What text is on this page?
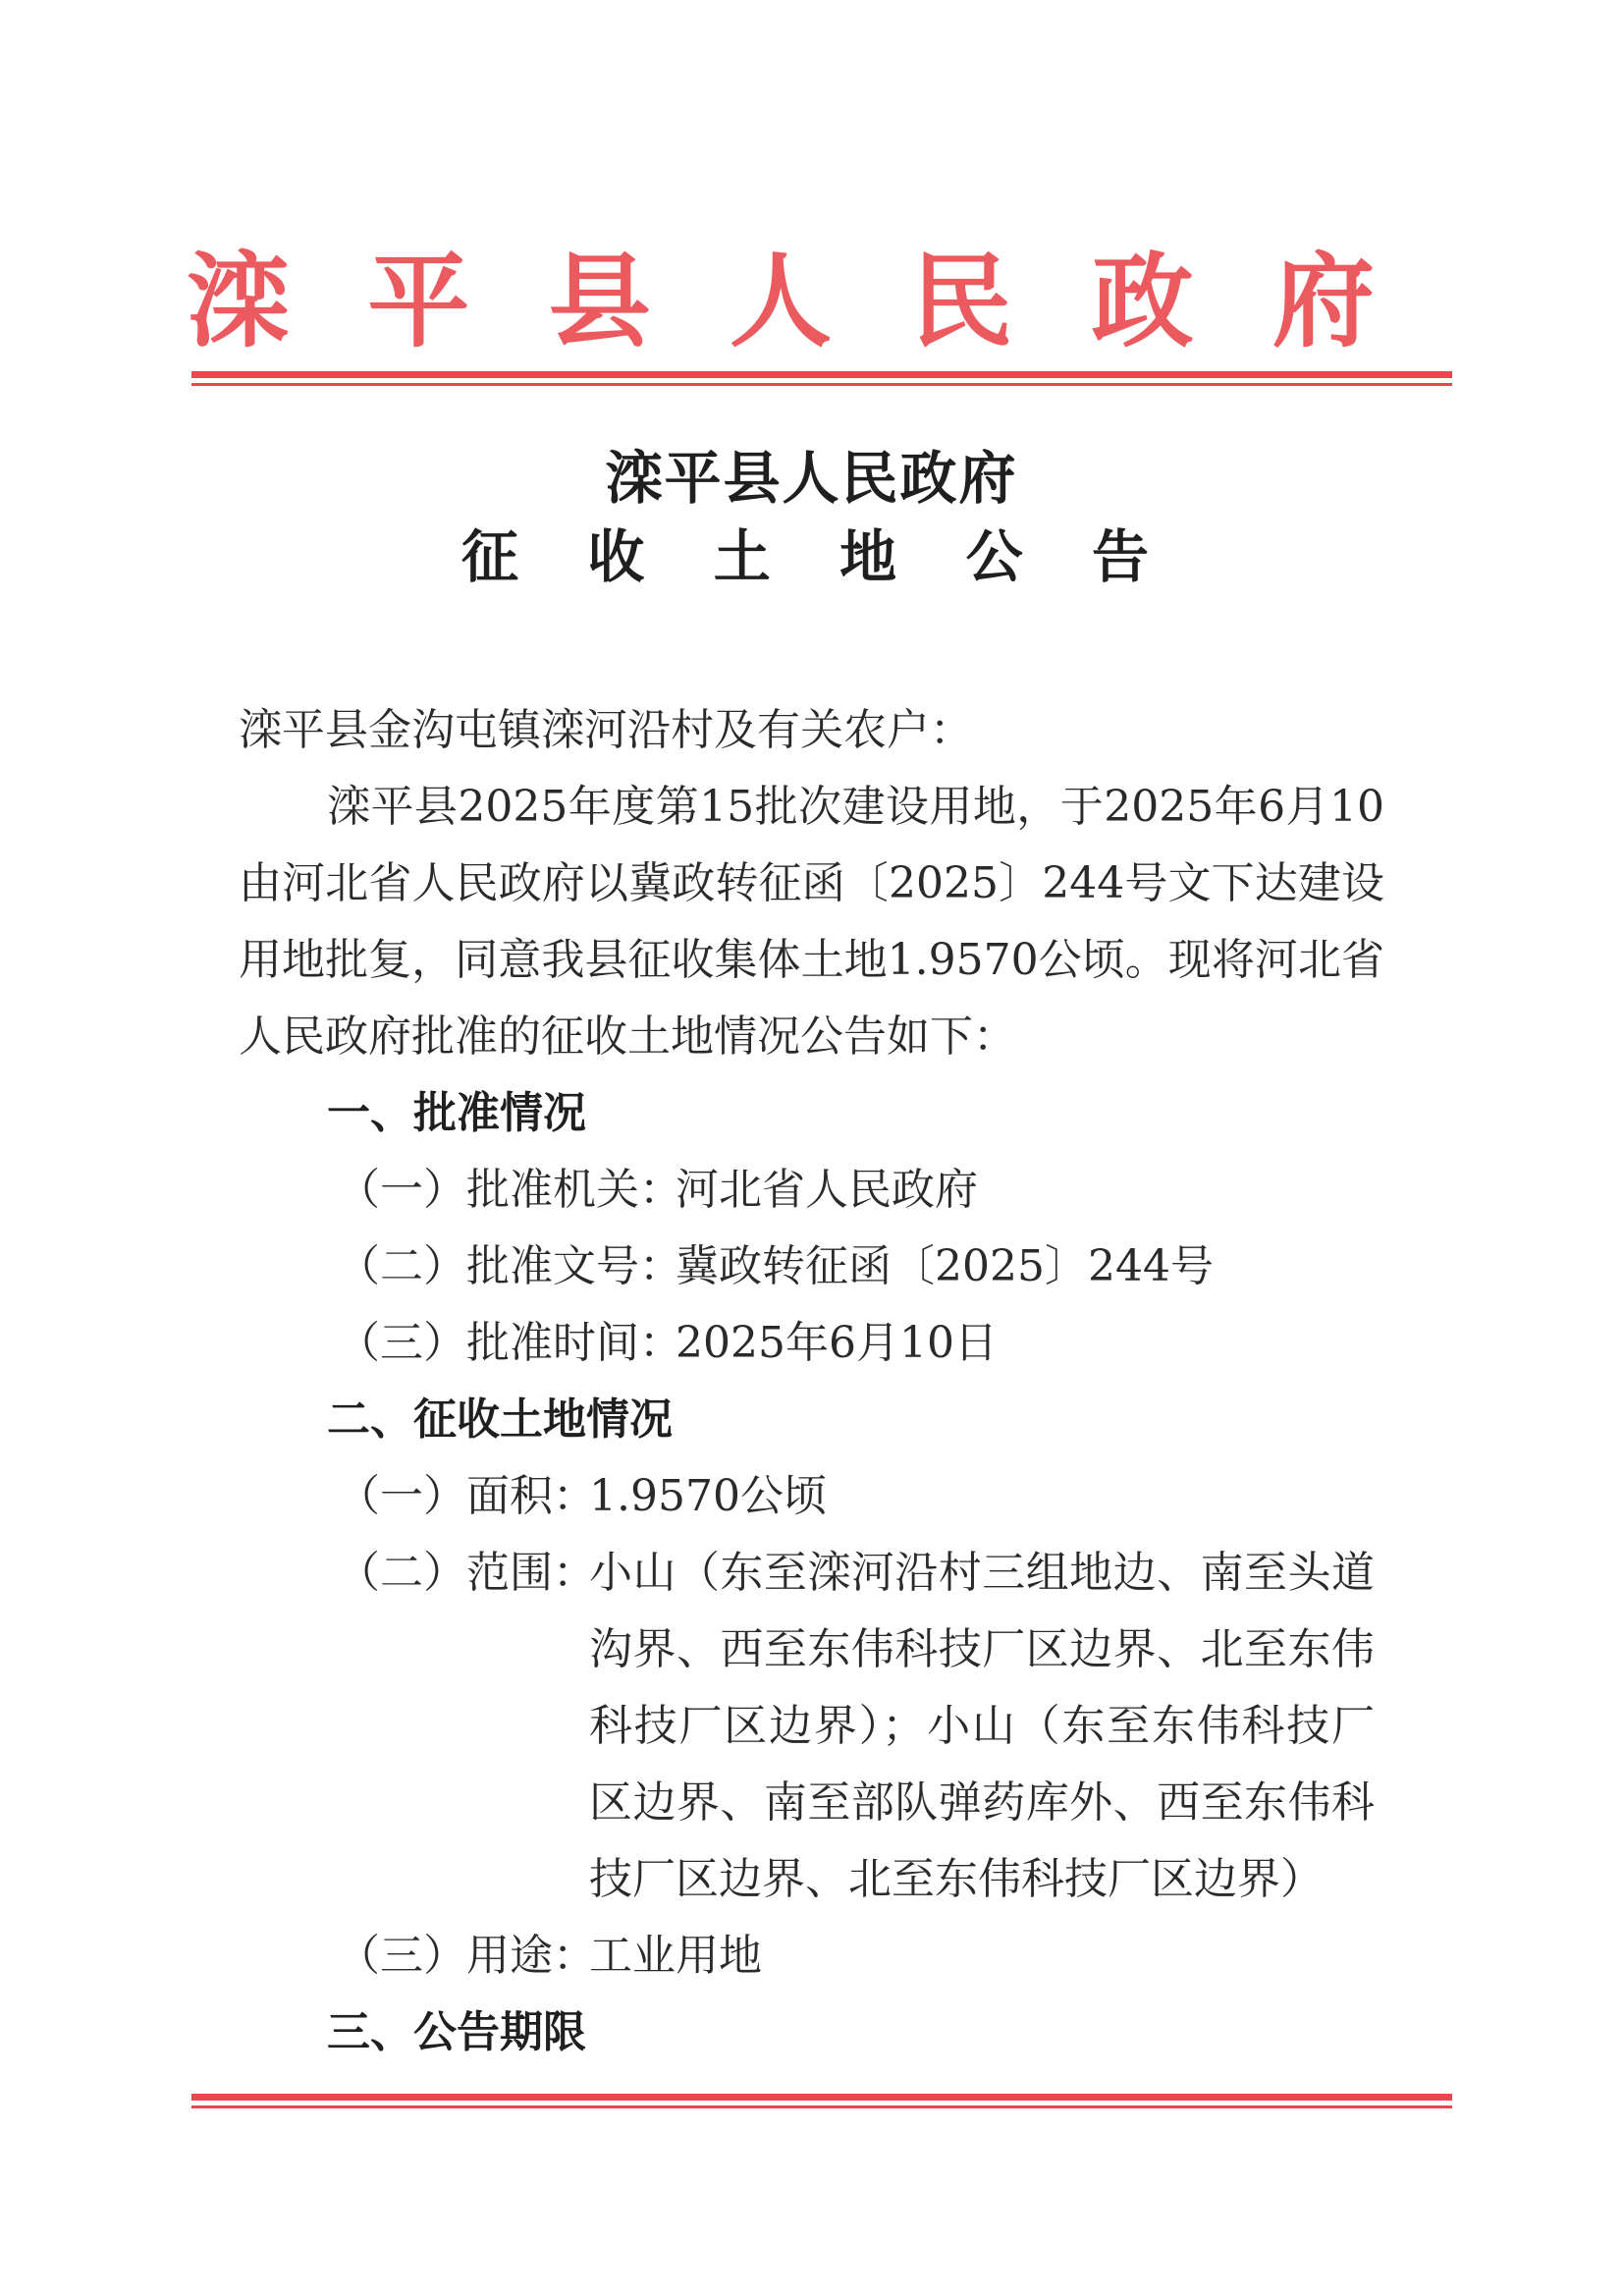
滦 平 县 人 民 政 府
滦平县人民政府
征 收 土 地 公 告
滦平县金沟屯镇滦河沿村及有关农户：
滦平县2025年度第15批次建设用地，于2025年6月10
由河北省人民政府以冀政转征函〔2025〕244号文下达建设
用地批复，同意我县征收集体土地1.9570公顷。现将河北省
人民政府批准的征收土地情况公告如下：
一、批准情况
（一）批准机关：
河北省人民政府
（二）批准文号：
冀政转征函〔2025〕244号
（三）批准时间：
2025年6月10日
二、征收土地情况
（一）面积：
1.9570公顷
（二）范围：
小山（东至滦河沿村三组地边、南至头道
沟界、西至东伟科技厂区边界、北至东伟
科技厂区边界）；小山（东至东伟科技厂
区边界、南至部队弹药库外、西至东伟科
技厂区边界、北至东伟科技厂区边界）
（三）用途：
工业用地
三、公告期限
